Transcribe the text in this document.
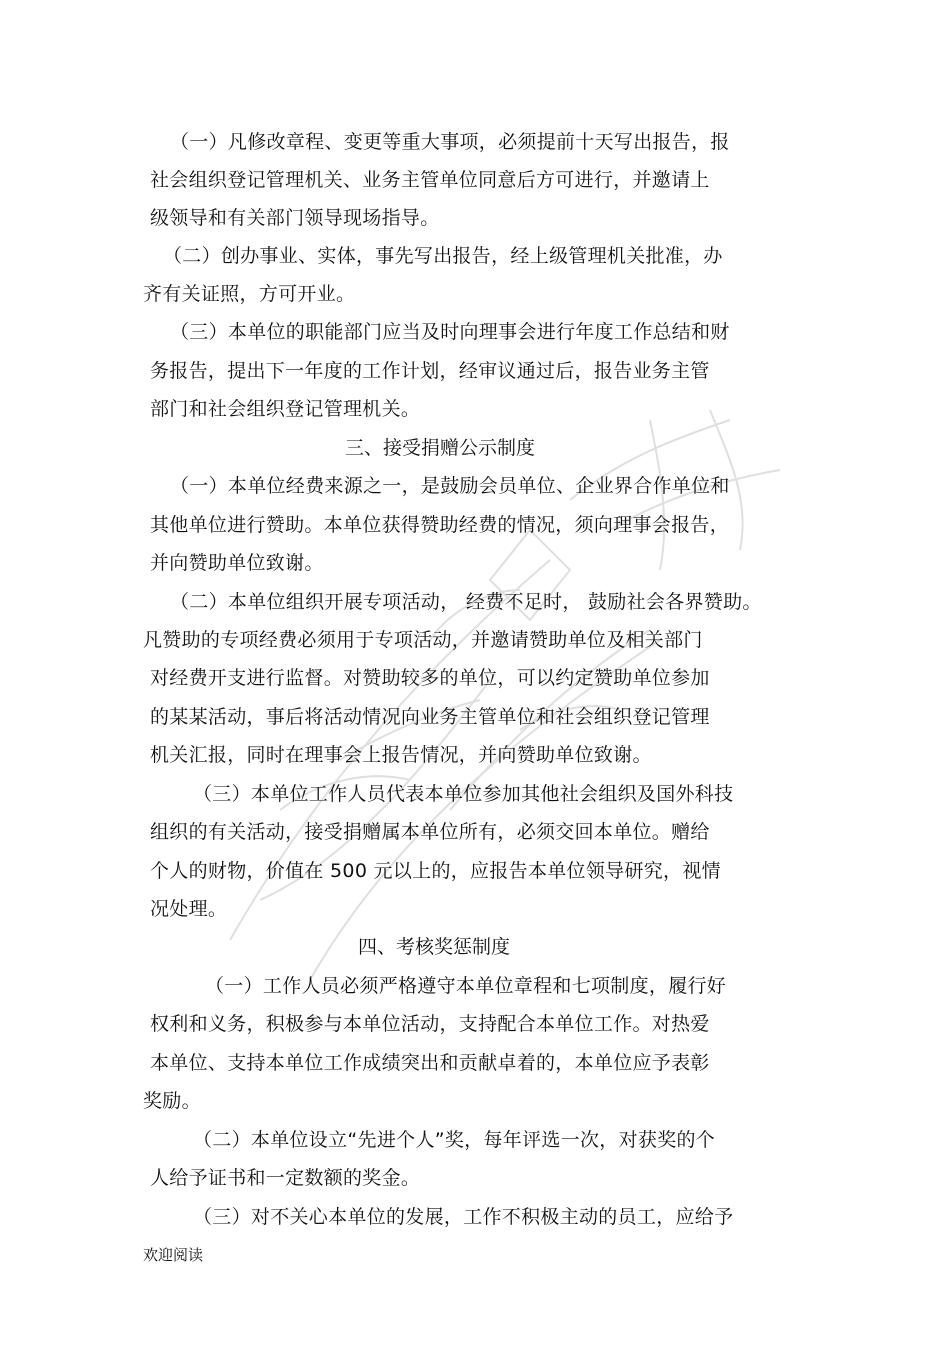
（一）凡修改章程、变更等重大事项，必须提前十天写出报告，报
社会组织登记管理机关、业务主管单位同意后方可进行，并邀请上
级领导和有关部门领导现场指导。
（二）创办事业、实体，事先写出报告，经上级管理机关批准，办
齐有关证照，方可开业。
（三）本单位的职能部门应当及时向理事会进行年度工作总结和财
务报告，提出下一年度的工作计划，经审议通过后，报告业务主管
部门和社会组织登记管理机关。
三、接受捐赠公示制度
（一）本单位经费来源之一，是鼓励会员单位、企业界合作单位和
其他单位进行赞助。本单位获得赞助经费的情况，须向理事会报告，
并向赞助单位致谢。
（二）本单位组织开展专项活动， 经费不足时， 鼓励社会各界赞助。
凡赞助的专项经费必须用于专项活动，并邀请赞助单位及相关部门
对经费开支进行监督。对赞助较多的单位，可以约定赞助单位参加
的某某活动，事后将活动情况向业务主管单位和社会组织登记管理
机关汇报，同时在理事会上报告情况，并向赞助单位致谢。
（三）本单位工作人员代表本单位参加其他社会组织及国外科技
组织的有关活动，接受捐赠属本单位所有，必须交回本单位。赠给
个人的财物，价值在 500 元以上的，应报告本单位领导研究，视情
况处理。
四、考核奖惩制度
（一）工作人员必须严格遵守本单位章程和七项制度，履行好
权利和义务，积极参与本单位活动，支持配合本单位工作。对热爱
本单位、支持本单位工作成绩突出和贡献卓着的，本单位应予表彰
奖励。
（二）本单位设立“先进个人”奖，每年评选一次，对获奖的个
人给予证书和一定数额的奖金。
（三）对不关心本单位的发展，工作不积极主动的员工，应给予
欢迎阅读
